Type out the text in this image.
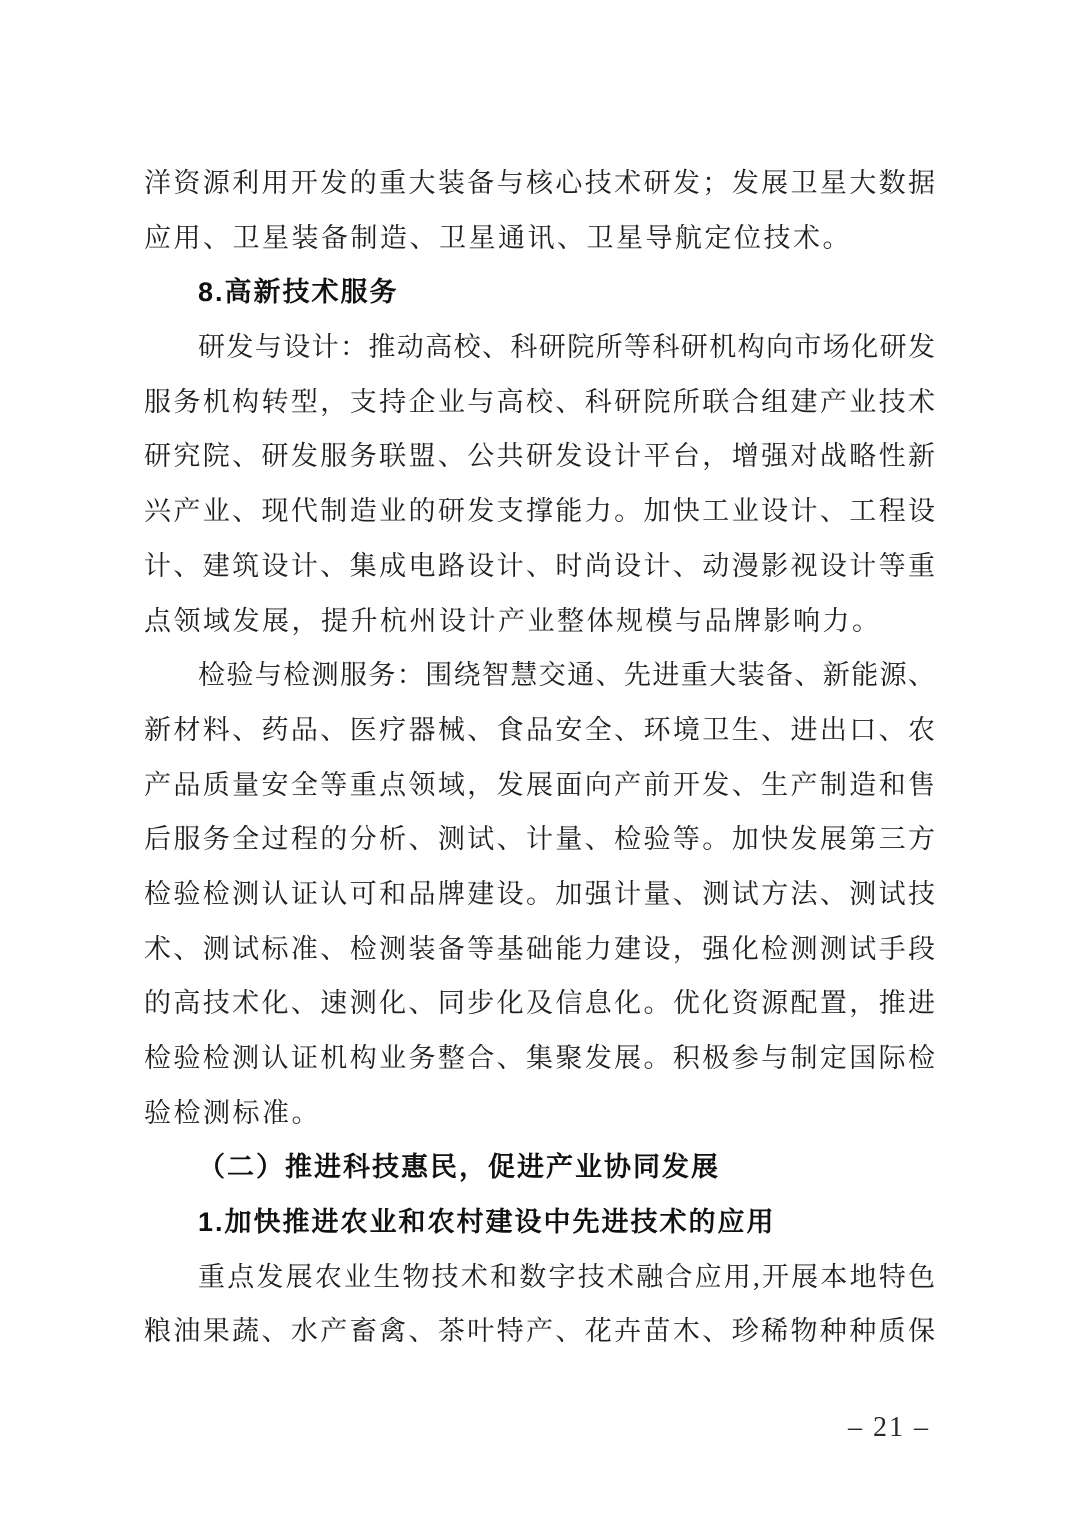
洋资源利用开发的重大装备与核心技术研发；发展卫星大数据
应用、卫星装备制造、卫星通讯、卫星导航定位技术。
8.高新技术服务
研发与设计：推动高校、科研院所等科研机构向市场化研发
服务机构转型，支持企业与高校、科研院所联合组建产业技术
研究院、研发服务联盟、公共研发设计平台，增强对战略性新
兴产业、现代制造业的研发支撑能力。加快工业设计、工程设
计、建筑设计、集成电路设计、时尚设计、动漫影视设计等重
点领域发展，提升杭州设计产业整体规模与品牌影响力。
检验与检测服务：围绕智慧交通、先进重大装备、新能源、
新材料、药品、医疗器械、食品安全、环境卫生、进出口、农
产品质量安全等重点领域，发展面向产前开发、生产制造和售
后服务全过程的分析、测试、计量、检验等。加快发展第三方
检验检测认证认可和品牌建设。加强计量、测试方法、测试技
术、测试标准、检测装备等基础能力建设，强化检测测试手段
的高技术化、速测化、同步化及信息化。优化资源配置，推进
检验检测认证机构业务整合、集聚发展。积极参与制定国际检
验检测标准。
（二）推进科技惠民，促进产业协同发展
1.加快推进农业和农村建设中先进技术的应用
重点发展农业生物技术和数字技术融合应用,开展本地特色
粮油果蔬、水产畜禽、茶叶特产、花卉苗木、珍稀物种种质保
– 21 –
